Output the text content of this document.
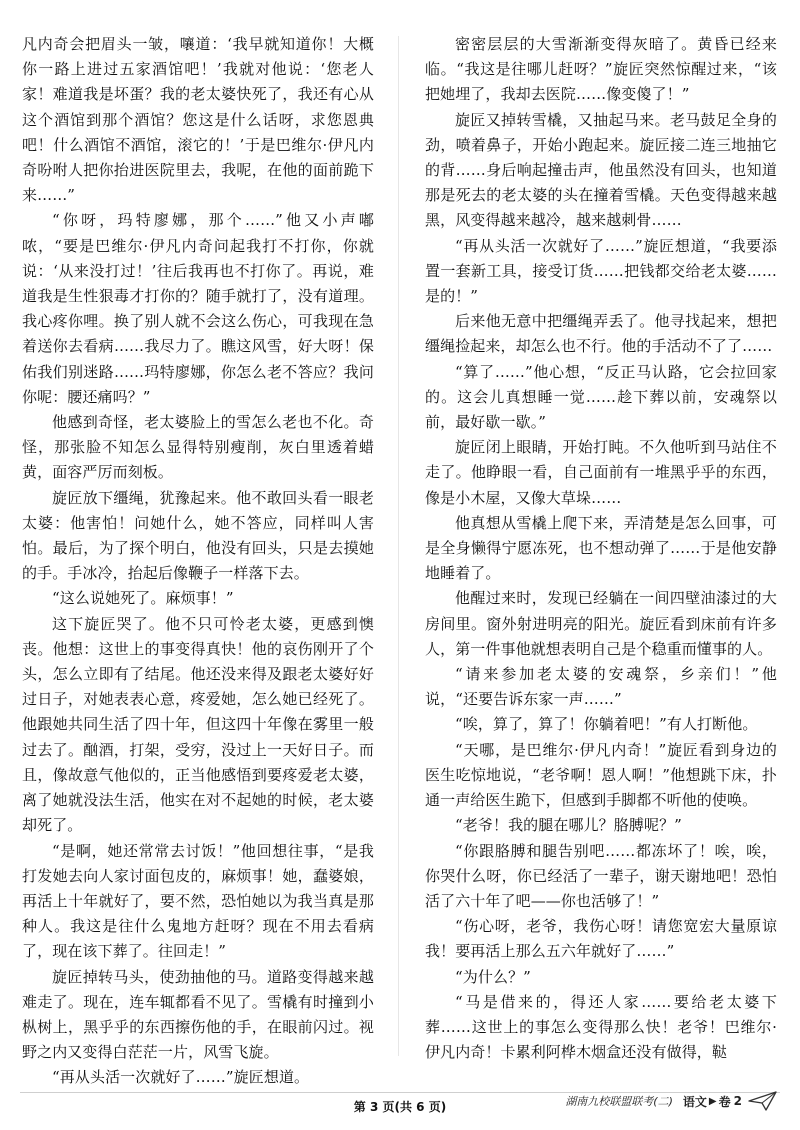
凡内奇会把眉头一皱，嚷道：‘我早就知道你！大概你一路上进过五家酒馆吧！’我就对他说：‘您老人家！难道我是坏蛋？我的老太婆快死了，我还有心从这个酒馆到那个酒馆？您这是什么话呀，求您恩典吧！什么酒馆不酒馆，滚它的！’于是巴维尔·伊凡内奇吩咐人把你抬进医院里去，我呢，在他的面前跪下来……”

“你呀，玛特廖娜，那个……”他又小声嘟哝，“要是巴维尔·伊凡内奇问起我打不打你，你就说：‘从来没打过！’往后我再也不打你了。再说，难道我是生性狠毒才打你的？随手就打了，没有道理。我心疼你哩。换了别人就不会这么伤心，可我现在急着送你去看病……我尽力了。瞧这风雪，好大呀！保佑我们别迷路……玛特廖娜，你怎么老不答应？我问你呢：腰还痛吗？”

他感到奇怪，老太婆脸上的雪怎么老也不化。奇怪，那张脸不知怎么显得特别瘦削，灰白里透着蜡黄，面容严厉而刻板。

旋匠放下缰绳，犹豫起来。他不敢回头看一眼老太婆：他害怕！问她什么，她不答应，同样叫人害怕。最后，为了探个明白，他没有回头，只是去摸她的手。手冰冷，抬起后像鞭子一样落下去。

“这么说她死了。麻烦事！”

这下旋匠哭了。他不只可怜老太婆，更感到懊丧。他想：这世上的事变得真快！他的哀伤刚开了个头，怎么立即有了结尾。他还没来得及跟老太婆好好过日子，对她表表心意，疼爱她，怎么她已经死了。他跟她共同生活了四十年，但这四十年像在雾里一般过去了。酗酒，打架，受穷，没过上一天好日子。而且，像故意气他似的，正当他感悟到要疼爱老太婆，离了她就没法生活，他实在对不起她的时候，老太婆却死了。

“是啊，她还常常去讨饭！”他回想往事，“是我打发她去向人家讨面包皮的，麻烦事！她，蠢婆娘，再活上十年就好了，要不然，恐怕她以为我当真是那种人。我这是往什么鬼地方赶呀？现在不用去看病了，现在该下葬了。往回走！”

旋匠掉转马头，使劲抽他的马。道路变得越来越难走了。现在，连车辄都看不见了。雪橇有时撞到小枞树上，黑乎乎的东西擦伤他的手，在眼前闪过。视野之内又变得白茫茫一片，风雪飞旋。

“再从头活一次就好了……”旋匠想道。

密密层层的大雪渐渐变得灰暗了。黄昏已经来临。“我这是往哪儿赶呀？”旋匠突然惊醒过来，“该把她埋了，我却去医院……像变傻了！”

旋匠又掉转雪橇，又抽起马来。老马鼓足全身的劲，喷着鼻子，开始小跑起来。旋匠接二连三地抽它的背……身后响起撞击声，他虽然没有回头，也知道那是死去的老太婆的头在撞着雪橇。天色变得越来越黑，风变得越来越冷，越来越刺骨……

“再从头活一次就好了……”旋匠想道，“我要添置一套新工具，接受订货……把钱都交给老太婆……是的！”

后来他无意中把缰绳弄丢了。他寻找起来，想把缰绳捡起来，却怎么也不行。他的手活动不了了……

“算了……”他心想，“反正马认路，它会拉回家的。这会儿真想睡一觉……趁下葬以前，安魂祭以前，最好歇一歇。”

旋匠闭上眼睛，开始打盹。不久他听到马站住不走了。他睁眼一看，自己面前有一堆黑乎乎的东西，像是小木屋，又像大草垛……

他真想从雪橇上爬下来，弄清楚是怎么回事，可是全身懒得宁愿冻死，也不想动弹了……于是他安静地睡着了。

他醒过来时，发现已经躺在一间四壁油漆过的大房间里。窗外射进明亮的阳光。旋匠看到床前有许多人，第一件事他就想表明自己是个稳重而懂事的人。

“请来参加老太婆的安魂祭，乡亲们！”他说，“还要告诉东家一声……”

“唉，算了，算了！你躺着吧！”有人打断他。

“天哪，是巴维尔·伊凡内奇！”旋匠看到身边的医生吃惊地说，“老爷啊！恩人啊！”他想跳下床，扑通一声给医生跪下，但感到手脚都不听他的使唤。

“老爷！我的腿在哪儿？胳膊呢？”

“你跟胳膊和腿告别吧……都冻坏了！唉，唉，你哭什么呀，你已经活了一辈子，谢天谢地吧！恐怕活了六十年了吧——你也活够了！”

“伤心呀，老爷，我伤心呀！请您宽宏大量原谅我！要再活上那么五六年就好了……”

“为什么？”

“马是借来的，得还人家……要给老太婆下葬……这世上的事怎么变得那么快！老爷！巴维尔·伊凡内奇！卡累利阿桦木烟盒还没有做得，鞑

第 3 页(共 6 页)	湖南九校联盟联考(二) 语文 ▶ 卷 2
